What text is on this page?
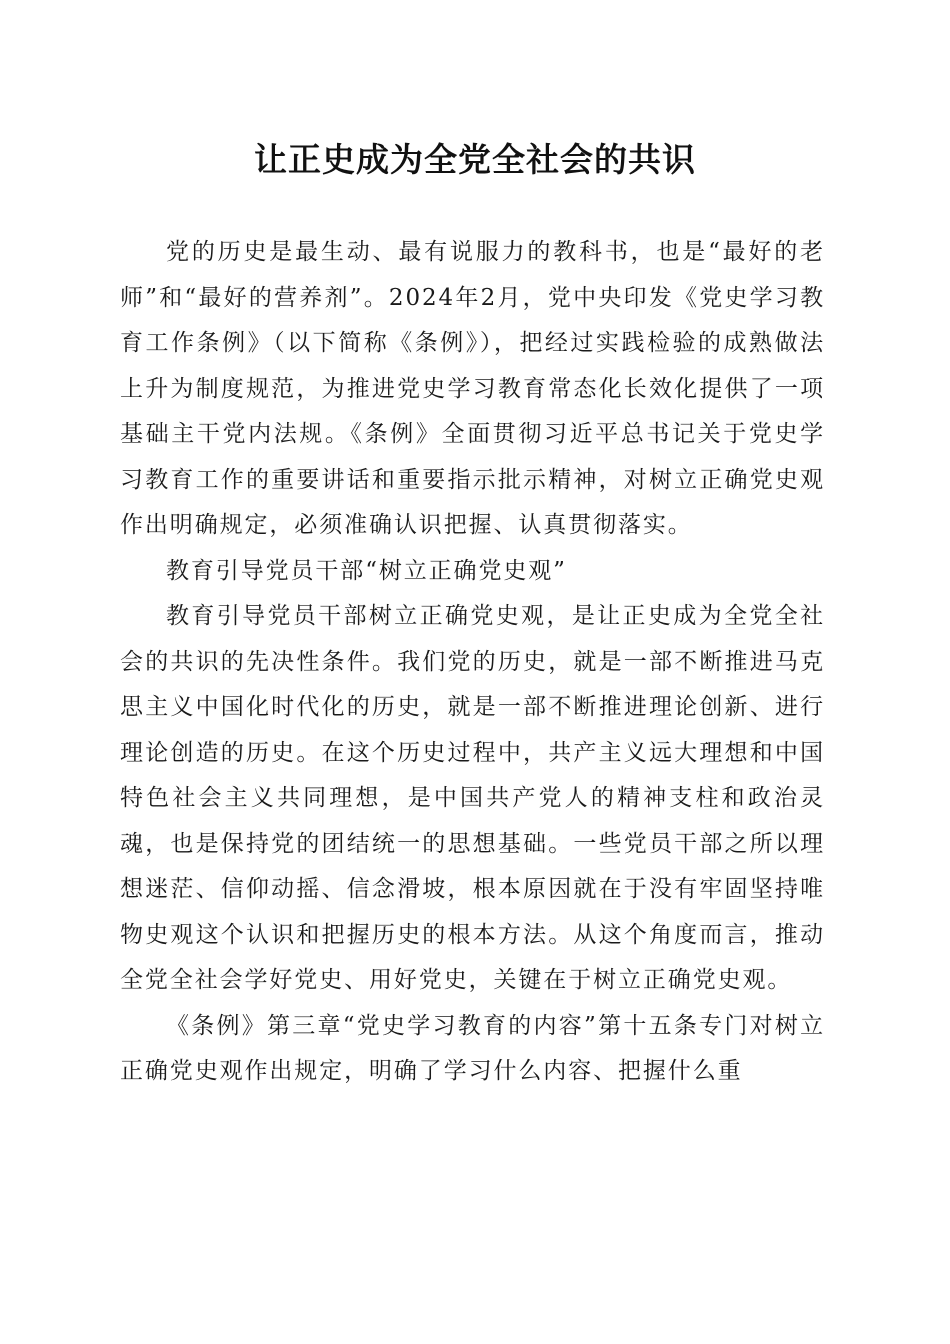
让正史成为全党全社会的共识

党的历史是最生动、最有说服力的教科书，也是“最好的老师”和“最好的营养剂”。2024年2月，党中央印发《党史学习教育工作条例》（以下简称《条例》），把经过实践检验的成熟做法上升为制度规范，为推进党史学习教育常态化长效化提供了一项基础主干党内法规。《条例》全面贯彻习近平总书记关于党史学习教育工作的重要讲话和重要指示批示精神，对树立正确党史观作出明确规定，必须准确认识把握、认真贯彻落实。

教育引导党员干部“树立正确党史观”

教育引导党员干部树立正确党史观，是让正史成为全党全社会的共识的先决性条件。我们党的历史，就是一部不断推进马克思主义中国化时代化的历史，就是一部不断推进理论创新、进行理论创造的历史。在这个历史过程中，共产主义远大理想和中国特色社会主义共同理想，是中国共产党人的精神支柱和政治灵魂，也是保持党的团结统一的思想基础。一些党员干部之所以理想迷茫、信仰动摇、信念滑坡，根本原因就在于没有牢固坚持唯物史观这个认识和把握历史的根本方法。从这个角度而言，推动全党全社会学好党史、用好党史，关键在于树立正确党史观。

《条例》第三章“党史学习教育的内容”第十五条专门对树立正确党史观作出规定，明确了学习什么内容、把握什么重
